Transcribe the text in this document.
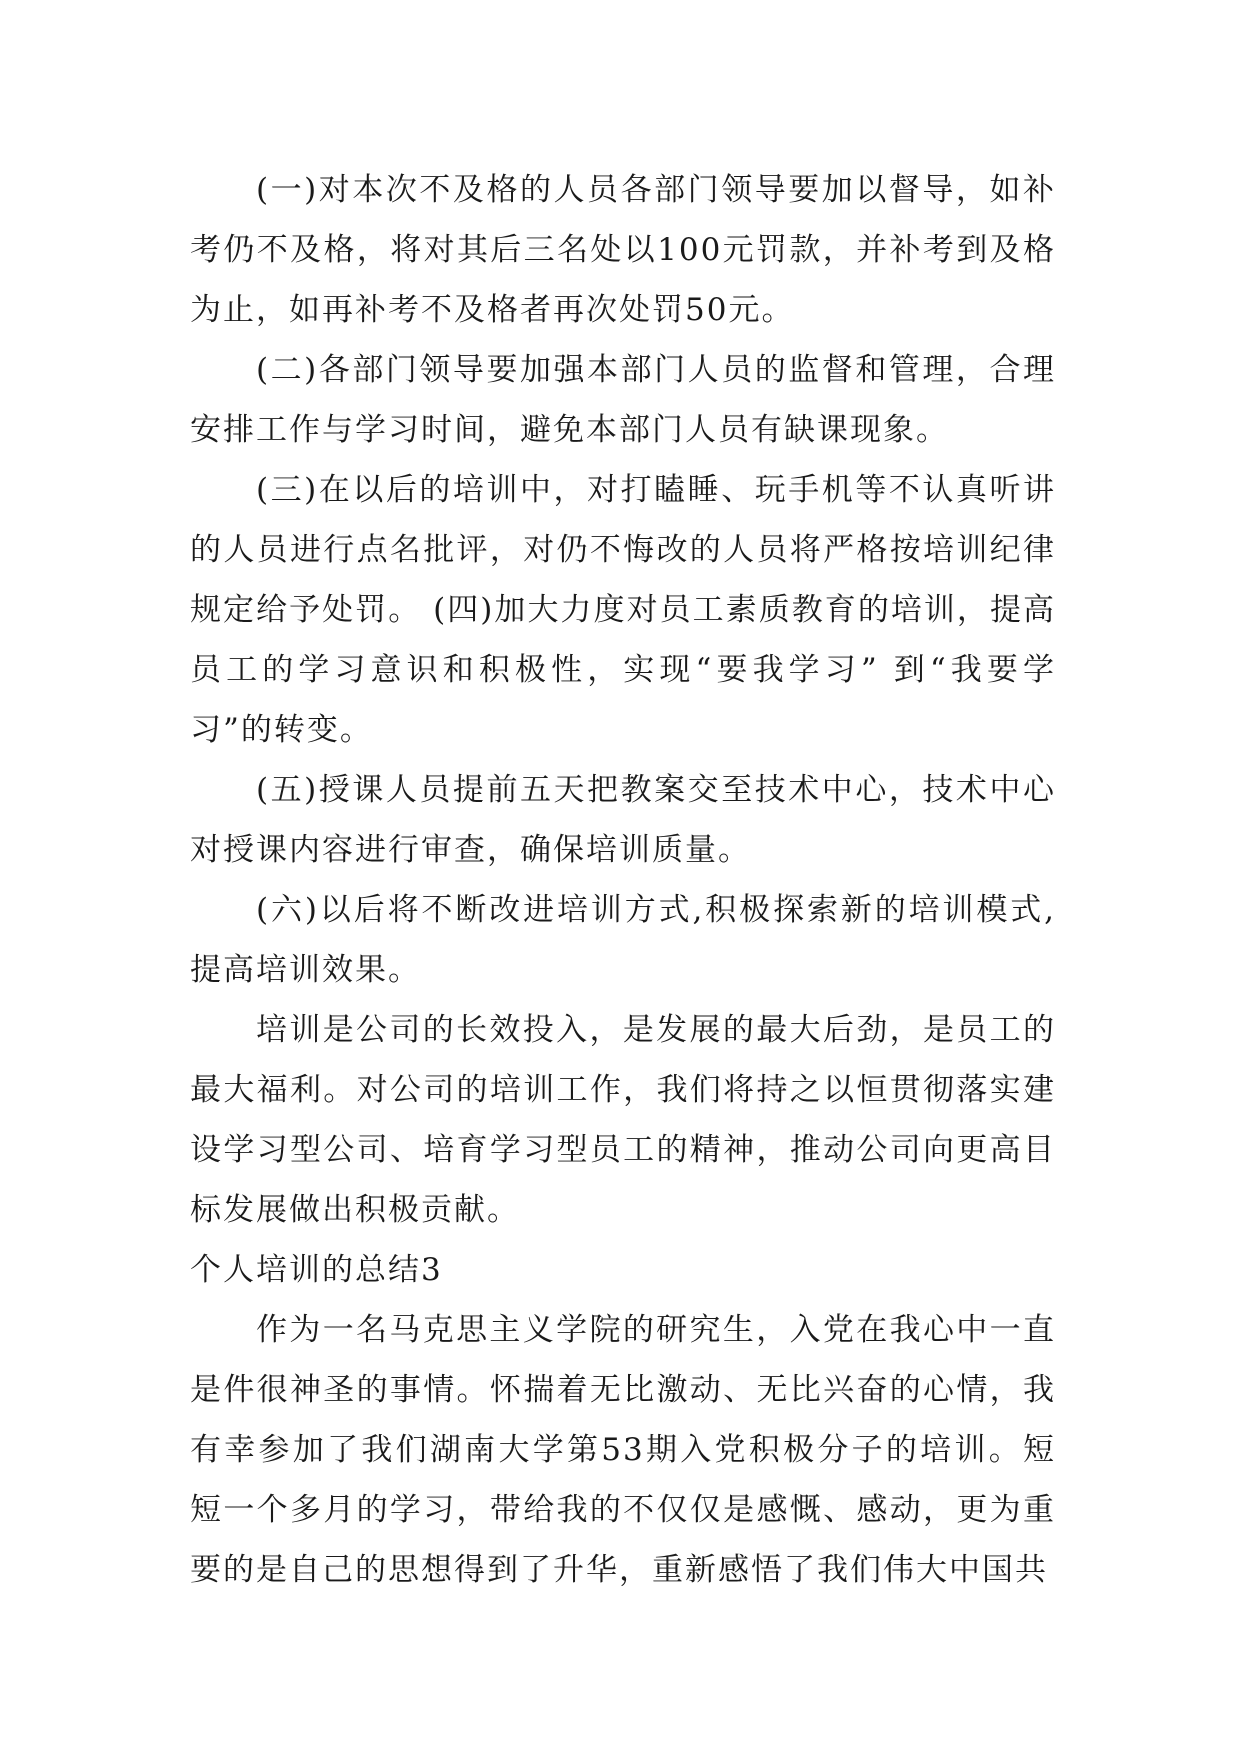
(一)对本次不及格的人员各部门领导要加以督导，如补考仍不及格，将对其后三名处以100元罚款，并补考到及格为止，如再补考不及格者再次处罚50元。

(二)各部门领导要加强本部门人员的监督和管理，合理安排工作与学习时间，避免本部门人员有缺课现象。

(三)在以后的培训中，对打瞌睡、玩手机等不认真听讲的人员进行点名批评，对仍不悔改的人员将严格按培训纪律规定给予处罚。 (四)加大力度对员工素质教育的培训，提高员工的学习意识和积极性，实现“要我学习” 到“我要学习”的转变。

(五)授课人员提前五天把教案交至技术中心，技术中心对授课内容进行审查，确保培训质量。

(六)以后将不断改进培训方式,积极探索新的培训模式,提高培训效果。

培训是公司的长效投入，是发展的最大后劲，是员工的最大福利。对公司的培训工作，我们将持之以恒贯彻落实建设学习型公司、培育学习型员工的精神，推动公司向更高目标发展做出积极贡献。

个人培训的总结3

作为一名马克思主义学院的研究生，入党在我心中一直是件很神圣的事情。怀揣着无比激动、无比兴奋的心情，我有幸参加了我们湖南大学第53期入党积极分子的培训。短短一个多月的学习，带给我的不仅仅是感慨、感动，更为重要的是自己的思想得到了升华，重新感悟了我们伟大中国共
